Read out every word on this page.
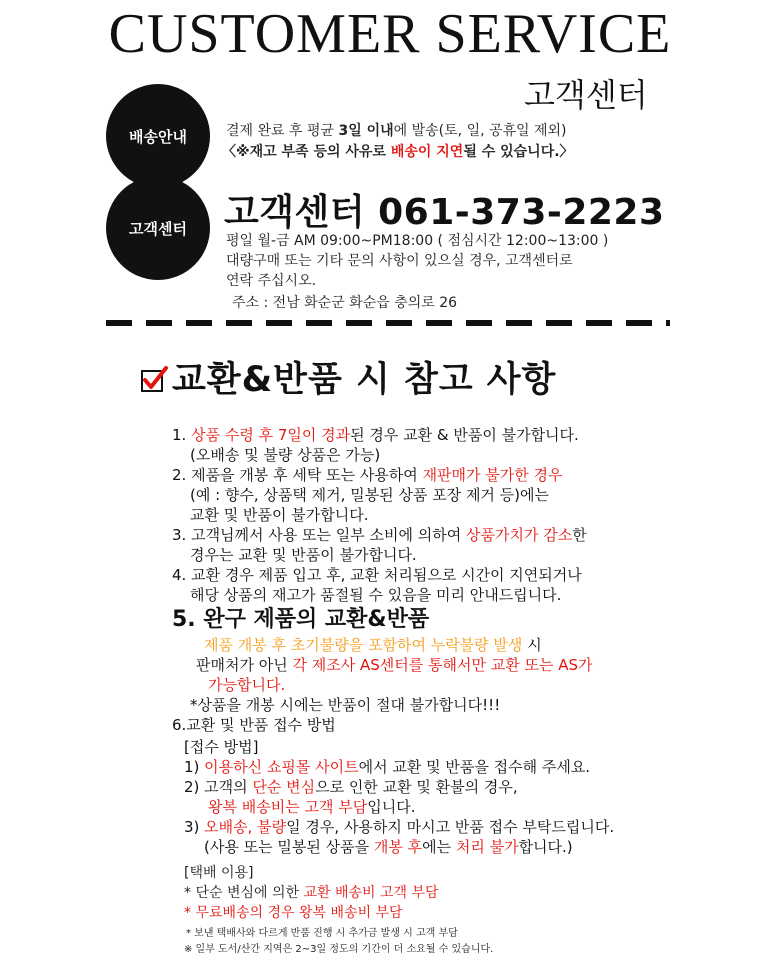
CUSTOMER SERVICE
고객센터
배송안내	결제 완료 후 평균 3일 이내에 발송(토, 일, 공휴일 제외)
〈※재고 부족 등의 사유로 배송이 지연될 수 있습니다.〉
고객센터	고객센터 061-373-2223
평일 월-금 AM 09:00~PM18:00 ( 점심시간 12:00~13:00 )
대량구매 또는 기타 문의 사항이 있으실 경우, 고객센터로
연락 주십시오.
주소 : 전남 화순군 화순읍 충의로 26
교환&반품 시 참고 사항
1. 상품 수령 후 7일이 경과된 경우 교환 & 반품이 불가합니다.
(오배송 및 불량 상품은 가능)
2. 제품을 개봉 후 세탁 또는 사용하여 재판매가 불가한 경우
(예 : 향수, 상품택 제거, 밀봉된 상품 포장 제거 등)에는
교환 및 반품이 불가합니다.
3. 고객님께서 사용 또는 일부 소비에 의하여 상품가치가 감소한
경우는 교환 및 반품이 불가합니다.
4. 교환 경우 제품 입고 후, 교환 처리됨으로 시간이 지연되거나
해당 상품의 재고가 품절될 수 있음을 미리 안내드립니다.
5. 완구 제품의 교환&반품
제품 개봉 후 초기불량을 포함하여 누락불량 발생 시
판매처가 아닌 각 제조사 AS센터를 통해서만 교환 또는 AS가
가능합니다.
*상품을 개봉 시에는 반품이 절대 불가합니다!!!
6.교환 및 반품 접수 방법
[접수 방법]
1) 이용하신 쇼핑몰 사이트에서 교환 및 반품을 접수해 주세요.
2) 고객의 단순 변심으로 인한 교환 및 환불의 경우,
왕복 배송비는 고객 부담입니다.
3) 오배송, 불량일 경우, 사용하지 마시고 반품 접수 부탁드립니다.
(사용 또는 밀봉된 상품을 개봉 후에는 처리 불가합니다.)
[택배 이용]
* 단순 변심에 의한 교환 배송비 고객 부담
* 무료배송의 경우 왕복 배송비 부담
* 보낸 택배사와 다르게 반품 진행 시 추가금 발생 시 고객 부담
※ 일부 도서/산간 지역은 2~3일 정도의 기간이 더 소요될 수 있습니다.
